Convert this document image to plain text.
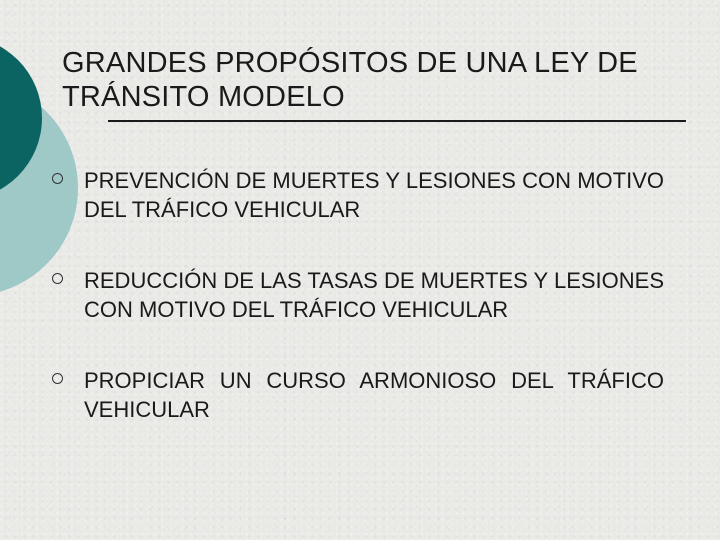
GRANDES PROPÓSITOS DE UNA LEY DE TRÁNSITO MODELO
PREVENCIÓN DE MUERTES Y LESIONES CON MOTIVO DEL TRÁFICO VEHICULAR
REDUCCIÓN DE LAS TASAS DE MUERTES Y LESIONES CON MOTIVO DEL TRÁFICO VEHICULAR
PROPICIAR UN CURSO ARMONIOSO DEL TRÁFICO VEHICULAR
